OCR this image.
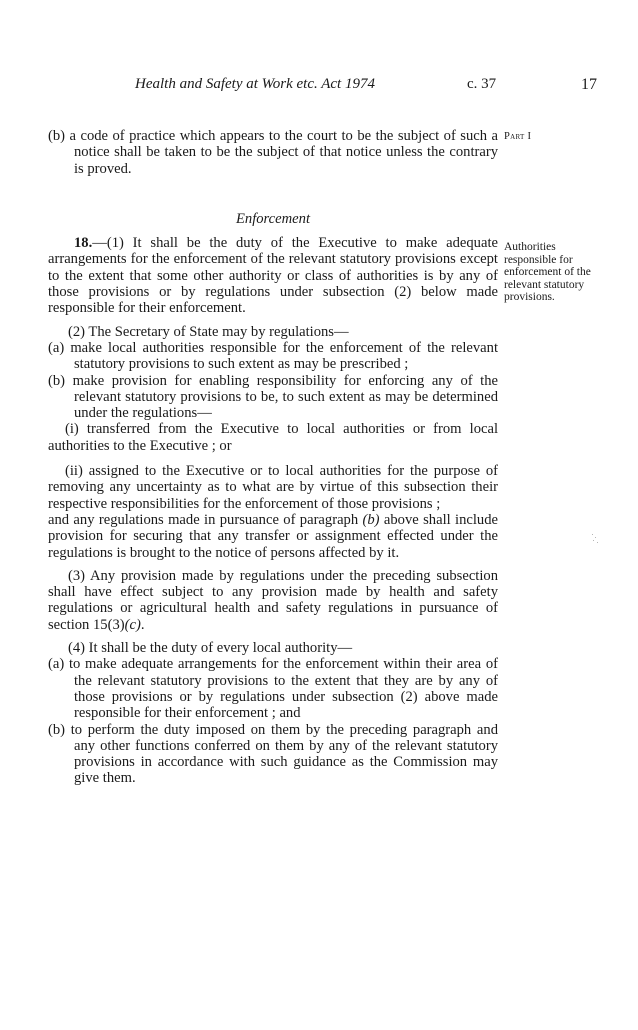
Health and Safety at Work etc. Act 1974	c. 37	17
Part I
Authorities responsible for enforcement of the relevant statutory provisions.

(b) a code of practice which appears to the court to be the subject of such a notice shall be taken to be the subject of that notice unless the contrary is proved.

Enforcement

18.—(1) It shall be the duty of the Executive to make adequate arrangements for the enforcement of the relevant statutory provisions except to the extent that some other authority or class of authorities is by any of those provisions or by regulations under subsection (2) below made responsible for their enforcement.

(2) The Secretary of State may by regulations—

(a) make local authorities responsible for the enforcement of the relevant statutory provisions to such extent as may be prescribed ;

(b) make provision for enabling responsibility for enforcing any of the relevant statutory provisions to be, to such extent as may be determined under the regulations—

(i) transferred from the Executive to local authorities or from local authorities to the Executive ; or

(ii) assigned to the Executive or to local authorities for the purpose of removing any uncertainty as to what are by virtue of this subsection their respective responsibilities for the enforcement of those provisions ;

and any regulations made in pursuance of paragraph (b) above shall include provision for securing that any transfer or assignment effected under the regulations is brought to the notice of persons affected by it.

(3) Any provision made by regulations under the preceding subsection shall have effect subject to any provision made by health and safety regulations or agricultural health and safety regulations in pursuance of section 15(3)(c).

(4) It shall be the duty of every local authority—

(a) to make adequate arrangements for the enforcement within their area of the relevant statutory provisions to the extent that they are by any of those provisions or by regulations under subsection (2) above made responsible for their enforcement ; and

(b) to perform the duty imposed on them by the preceding paragraph and any other functions conferred on them by any of the relevant statutory provisions in accordance with such guidance as the Commission may give them.
